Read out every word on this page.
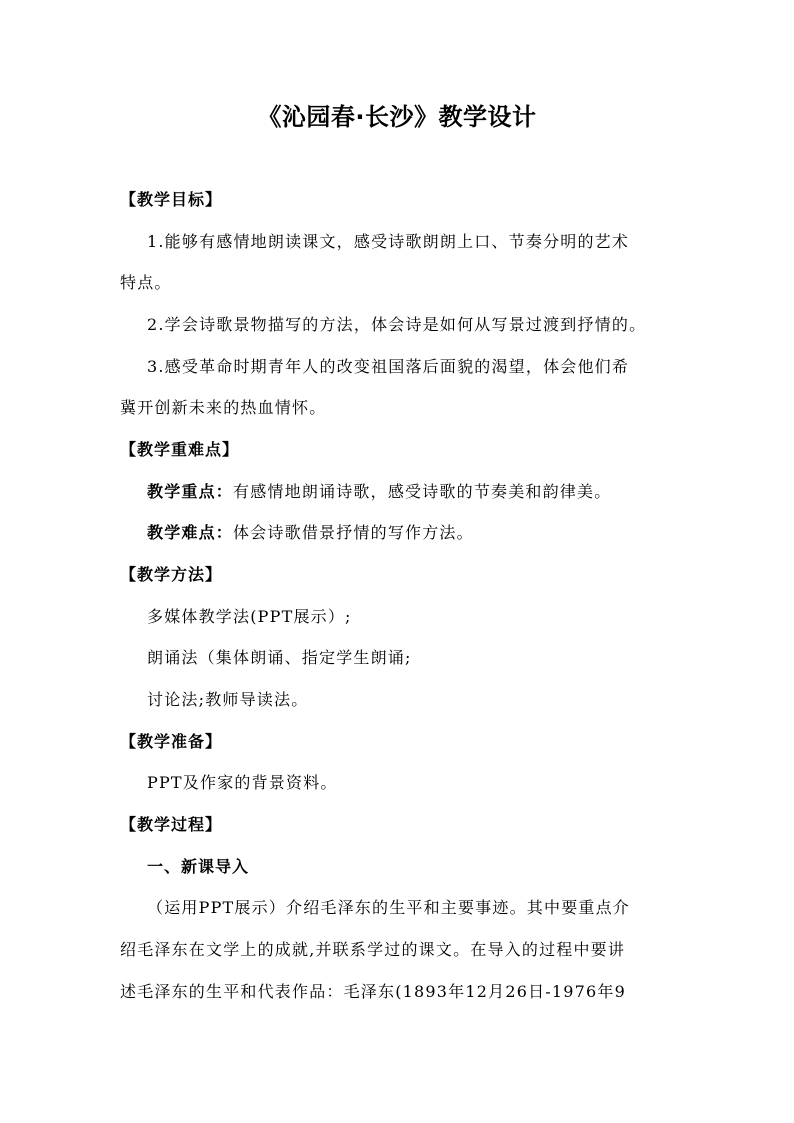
《沁园春·长沙》教学设计
【教学目标】
1.能够有感情地朗读课文，感受诗歌朗朗上口、节奏分明的艺术
特点。
2.学会诗歌景物描写的方法，体会诗是如何从写景过渡到抒情的。
3.感受革命时期青年人的改变祖国落后面貌的渴望，体会他们希
冀开创新未来的热血情怀。
【教学重难点】
教学重点：有感情地朗诵诗歌，感受诗歌的节奏美和韵律美。
教学难点：体会诗歌借景抒情的写作方法。
【教学方法】
多媒体教学法(PPT展示）;
朗诵法（集体朗诵、指定学生朗诵;
讨论法;教师导读法。
【教学准备】
PPT及作家的背景资料。
【教学过程】
一、新课导入
（运用PPT展示）介绍毛泽东的生平和主要事迹。其中要重点介
绍毛泽东在文学上的成就,并联系学过的课文。在导入的过程中要讲
述毛泽东的生平和代表作品：毛泽东(1893年12月26日-1976年9
